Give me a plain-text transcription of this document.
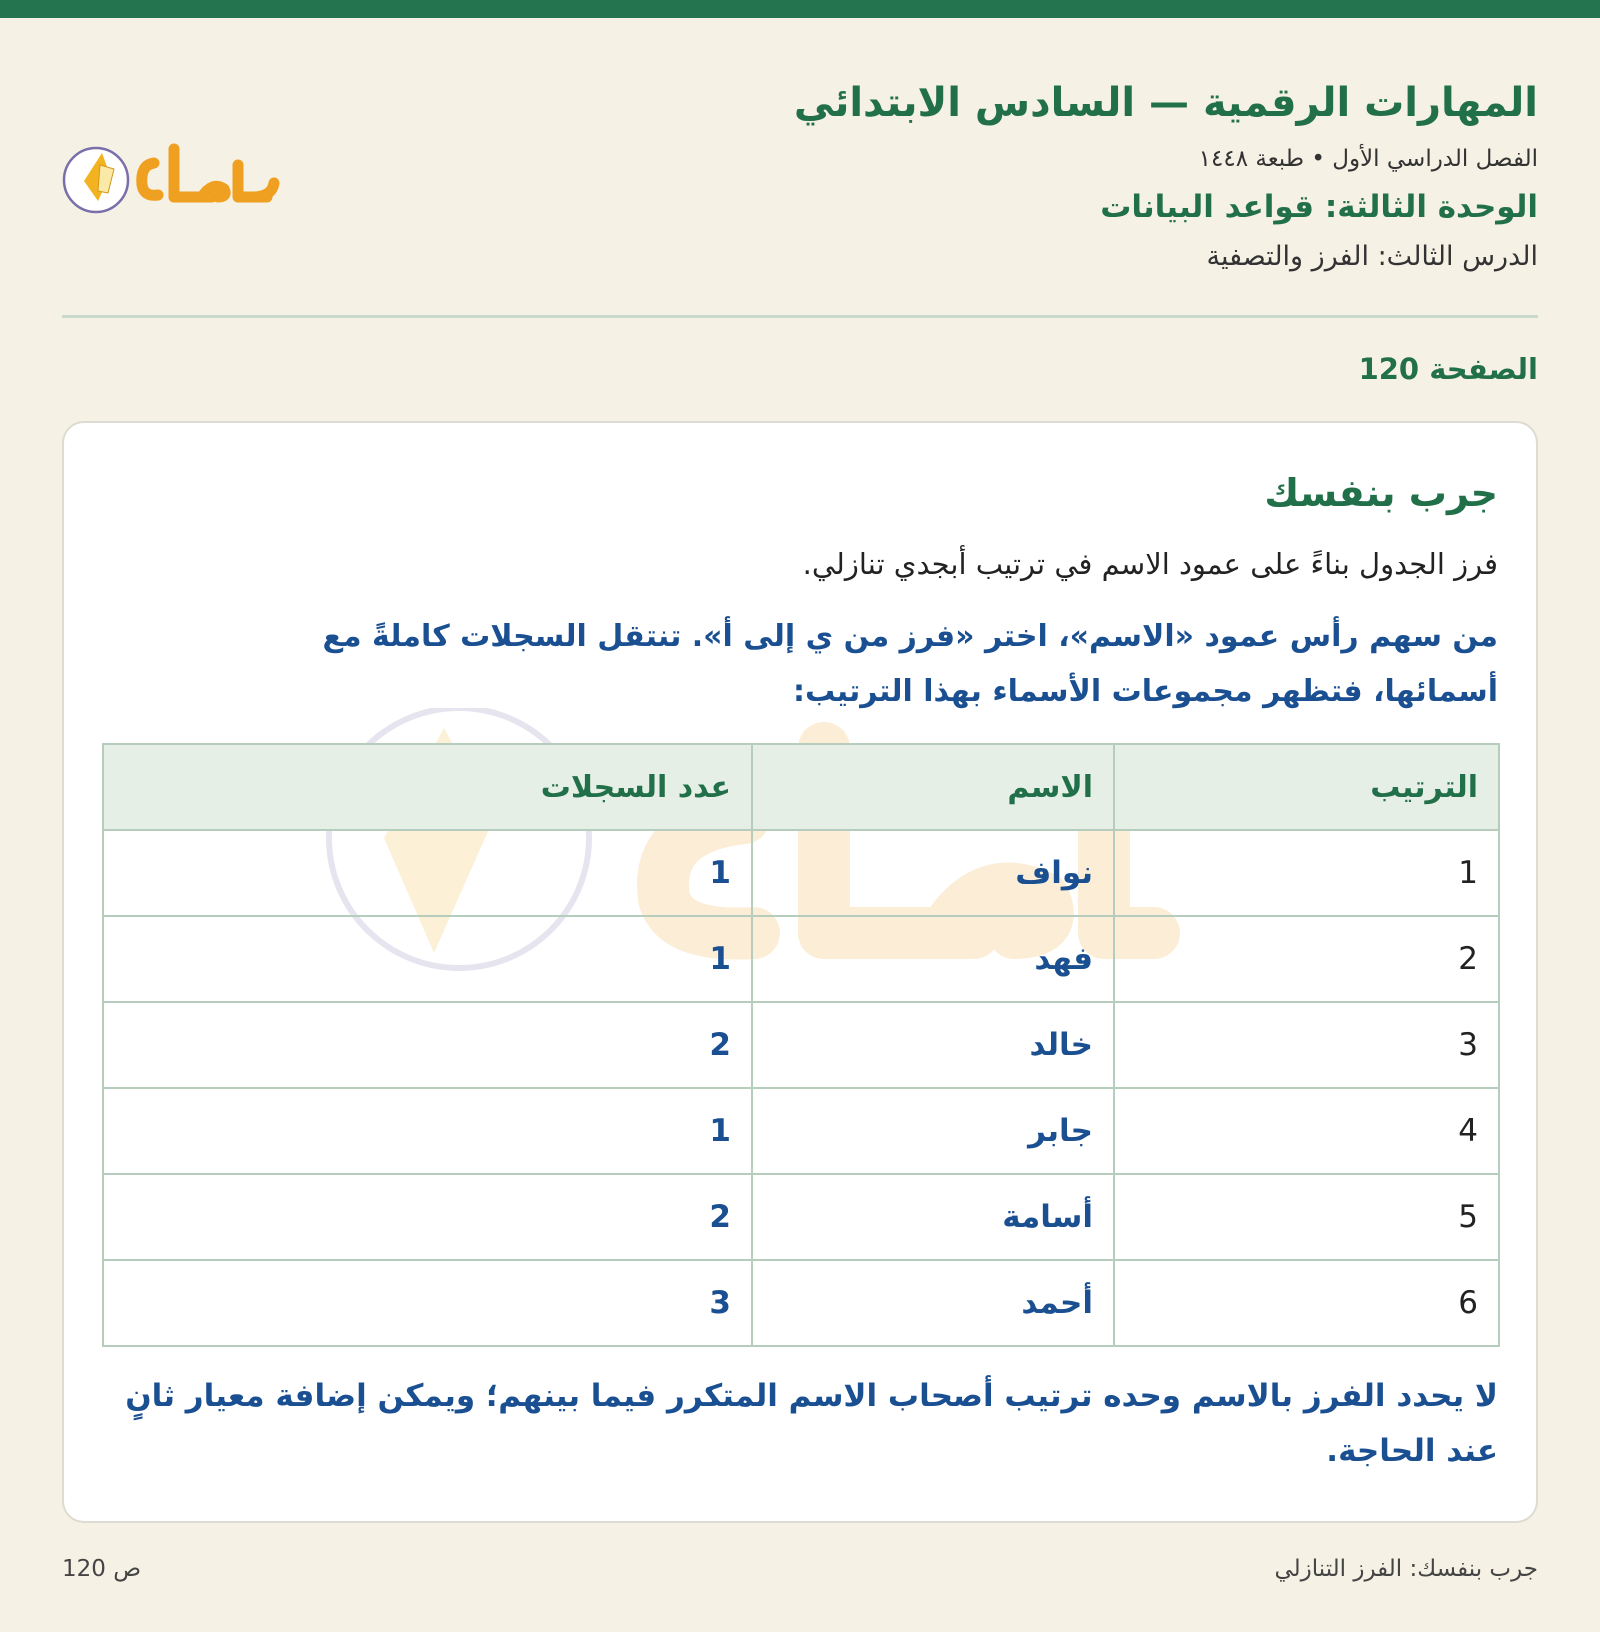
المهارات الرقمية — السادس الابتدائي
الفصل الدراسي الأول • طبعة ١٤٤٨
الوحدة الثالثة: قواعد البيانات
الدرس الثالث: الفرز والتصفية
الصفحة 120
جرب بنفسك
فرز الجدول بناءً على عمود الاسم في ترتيب أبجدي تنازلي.
من سهم رأس عمود «الاسم»، اختر «فرز من ي إلى أ». تنتقل السجلات كاملةً مع أسمائها، فتظهر مجموعات الأسماء بهذا الترتيب:
الترتيب	الاسم	عدد السجلات
1	نواف	1
2	فهد	1
3	خالد	2
4	جابر	1
5	أسامة	2
6	أحمد	3
لا يحدد الفرز بالاسم وحده ترتيب أصحاب الاسم المتكرر فيما بينهم؛ ويمكن إضافة معيار ثانٍ عند الحاجة.
جرب بنفسك: الفرز التنازلي
ص 120
